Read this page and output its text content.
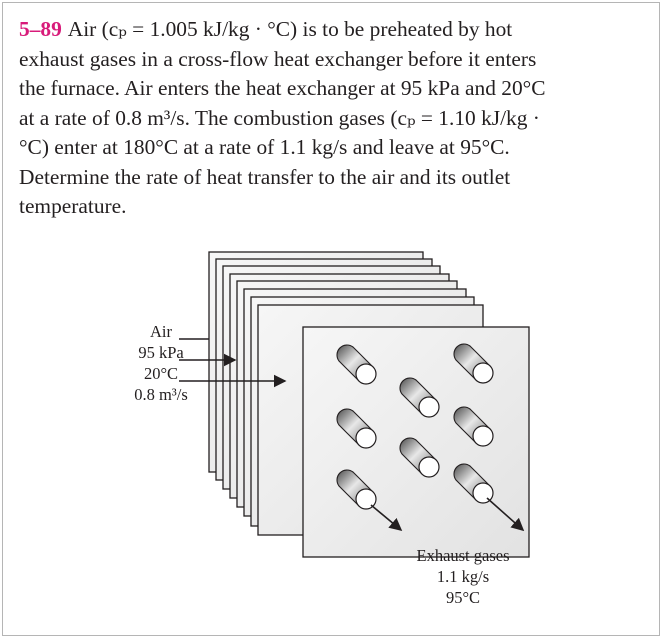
5–89 Air (cₚ = 1.005 kJ/kg · °C) is to be preheated by hot
exhaust gases in a cross-flow heat exchanger before it enters
the furnace. Air enters the heat exchanger at 95 kPa and 20°C
at a rate of 0.8 m³/s. The combustion gases (cₚ = 1.10 kJ/kg ·
°C) enter at 180°C at a rate of 1.1 kg/s and leave at 95°C.
Determine the rate of heat transfer to the air and its outlet
temperature.
Air
95 kPa
20°C
0.8 m³/s
Exhaust gases
1.1 kg/s
95°C
